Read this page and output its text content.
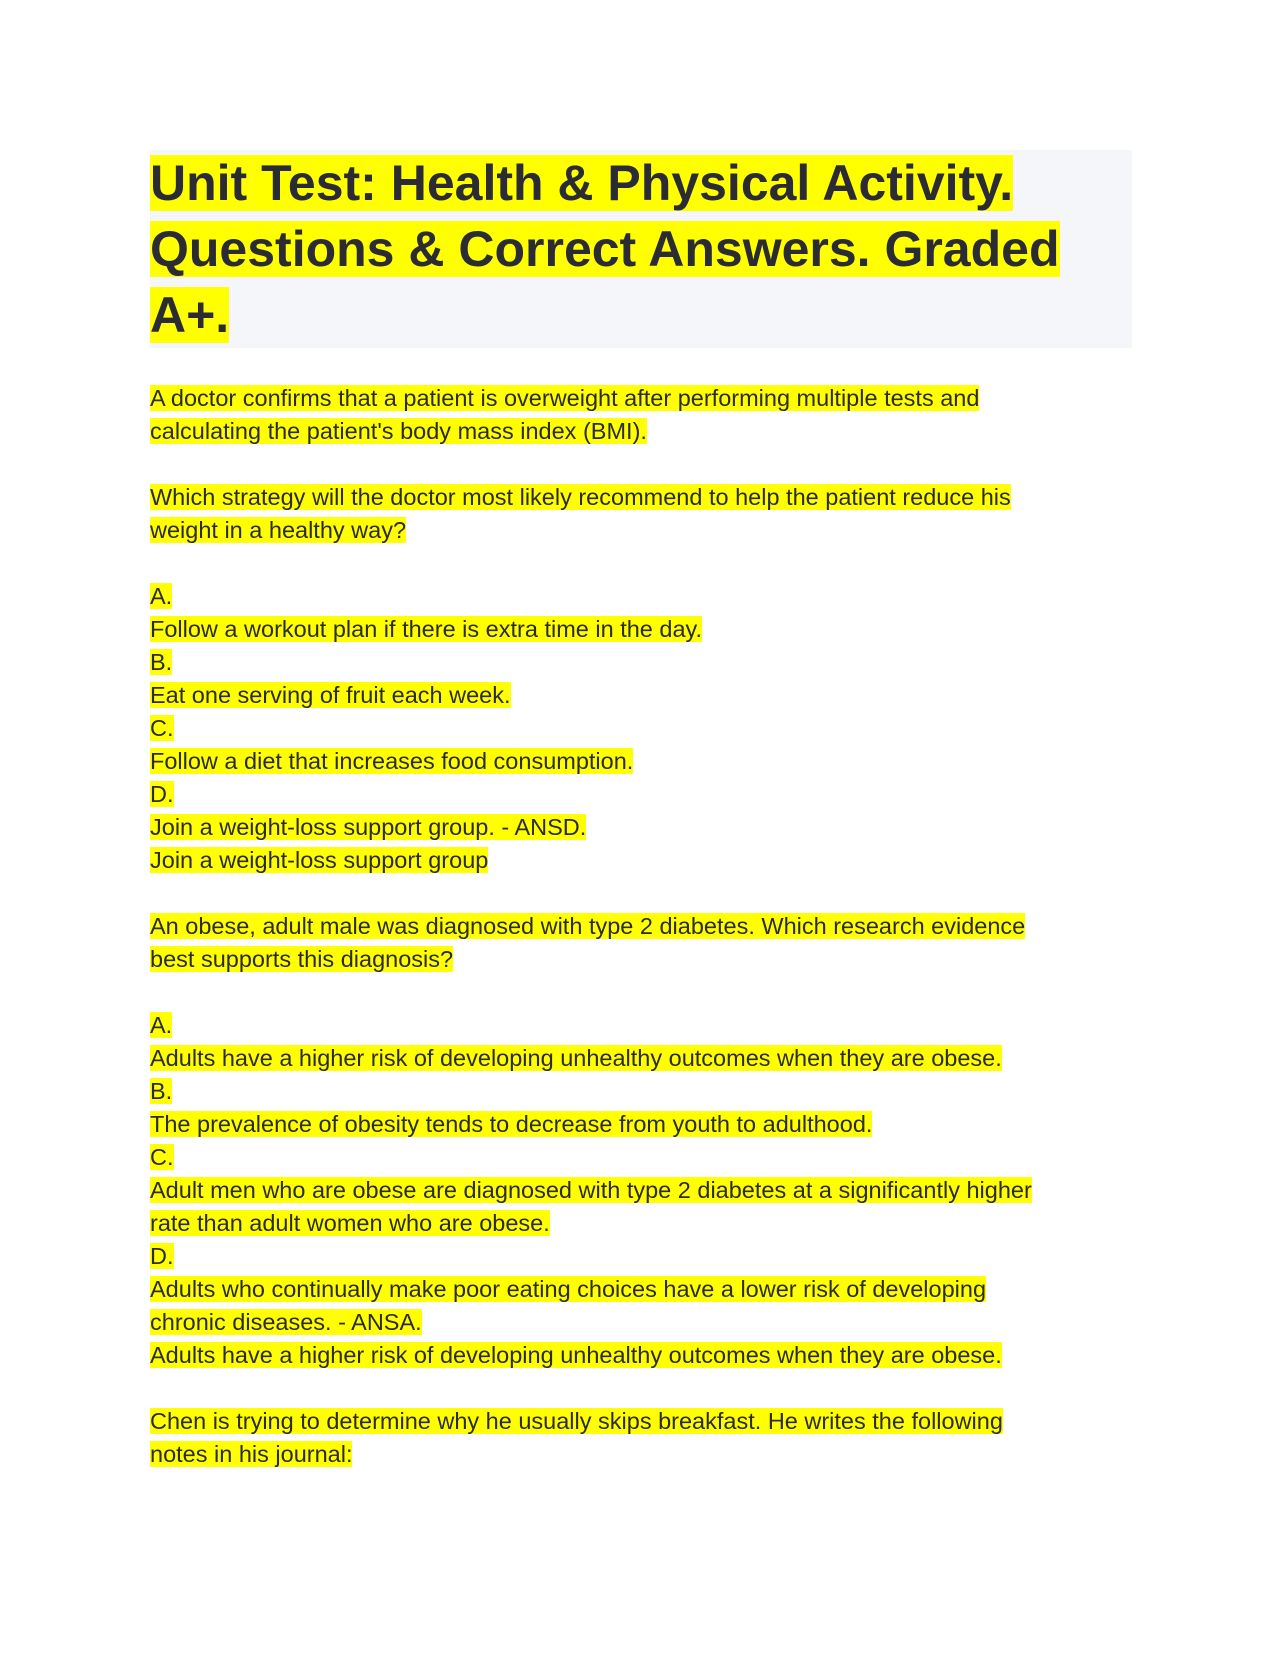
Unit Test: Health & Physical Activity.
Questions & Correct Answers. Graded
A+.
A doctor confirms that a patient is overweight after performing multiple tests and
calculating the patient's body mass index (BMI).
Which strategy will the doctor most likely recommend to help the patient reduce his
weight in a healthy way?
A.
Follow a workout plan if there is extra time in the day.
B.
Eat one serving of fruit each week.
C.
Follow a diet that increases food consumption.
D.
Join a weight-loss support group. - ANSD.
Join a weight-loss support group
An obese, adult male was diagnosed with type 2 diabetes. Which research evidence
best supports this diagnosis?
A.
Adults have a higher risk of developing unhealthy outcomes when they are obese.
B.
The prevalence of obesity tends to decrease from youth to adulthood.
C.
Adult men who are obese are diagnosed with type 2 diabetes at a significantly higher
rate than adult women who are obese.
D.
Adults who continually make poor eating choices have a lower risk of developing
chronic diseases. - ANSA.
Adults have a higher risk of developing unhealthy outcomes when they are obese.
Chen is trying to determine why he usually skips breakfast. He writes the following
notes in his journal:
